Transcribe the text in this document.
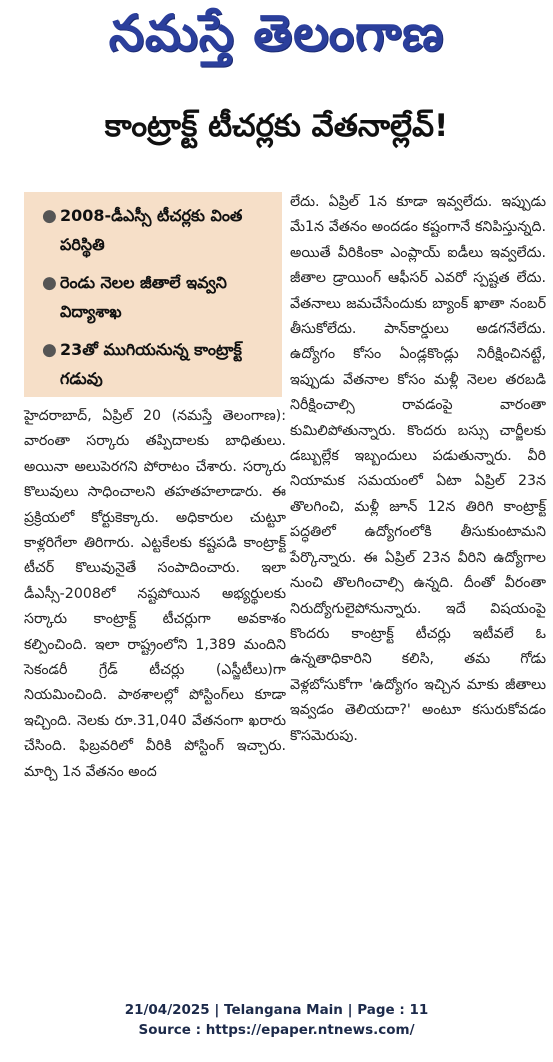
నమస్తే తెలంగాణ
కాంట్రాక్ట్ టీచర్లకు వేతనాల్లేవ్!
● 2008-డీఎస్సీ టీచర్లకు వింత పరిస్థితి
● రెండు నెలల జీతాలే ఇవ్వని విద్యాశాఖ
● 23తో ముగియనున్న కాంట్రాక్ట్ గడువు

హైదరాబాద్, ఏప్రిల్ 20 (నమస్తే తెలంగాణ): వారంతా సర్కారు తప్పిదాలకు బాధితులు. అయినా అలుపెరగని పోరాటం చేశారు. సర్కారు కొలువులు సాధించాలని తహతహలాడారు. ఈ ప్రక్రియలో కోర్టుకెక్కారు. అధికారుల చుట్టూ కాళ్లరిగేలా తిరిగారు. ఎట్టకేలకు కష్టపడి కాంట్రాక్ట్ టీచర్ కొలువునైతే సంపాదించారు. ఇలా డీఎస్సీ-2008లో నష్టపోయిన అభ్యర్థులకు సర్కారు కాంట్రాక్ట్ టీచర్లుగా అవకాశం కల్పించింది. ఇలా రాష్ట్రంలోని 1,389 మందిని సెకండరీ గ్రేడ్ టీచర్లు (ఎస్జీటీలు)గా నియమించింది. పాఠశాలల్లో పోస్టింగ్‌లు కూడా ఇచ్చింది. నెలకు రూ.31,040 వేతనంగా ఖరారు చేసింది. ఫిబ్రవరిలో వీరికి పోస్టింగ్ ఇచ్చారు. మార్చి 1న వేతనం అంద

లేదు. ఏప్రిల్ 1న కూడా ఇవ్వలేదు. ఇప్పుడు మే1న వేతనం అందడం కష్టంగానే కనిపిస్తున్నది. అయితే వీరికింకా ఎంప్లాయ్ ఐడీలు ఇవ్వలేదు. జీతాల డ్రాయింగ్ ఆఫీసర్ ఎవరో స్పష్టత లేదు. వేతనాలు జమచేసేందుకు బ్యాంక్ ఖాతా నంబర్ తీసుకోలేదు. పాన్‌కార్డులు అడగనేలేదు. ఉద్యోగం కోసం ఏండ్లకొండ్లు నిరీక్షించినట్టే, ఇప్పుడు వేతనాల కోసం మళ్లీ నెలల తరబడి నిరీక్షించాల్సి రావడంపై వారంతా కుమిలిపోతున్నారు. కొందరు బస్సు చార్జీలకు డబ్బుల్లేక ఇబ్బందులు పడుతున్నారు. వీరి నియామక సమయంలో ఏటా ఏప్రిల్ 23న తొలగించి, మళ్లీ జూన్ 12న తిరిగి కాంట్రాక్ట్ పద్ధతిలో ఉద్యోగంలోకి తీసుకుంటామని పేర్కొన్నారు. ఈ ఏప్రిల్ 23న వీరిని ఉద్యోగాల నుంచి తొలగించాల్సి ఉన్నది. దీంతో వీరంతా నిరుద్యోగులైపోనున్నారు. ఇదే విషయంపై కొందరు కాంట్రాక్ట్ టీచర్లు ఇటీవలే ఓ ఉన్నతాధికారిని కలిసి, తమ గోడు వెళ్లబోసుకోగా 'ఉద్యోగం ఇచ్చిన మాకు జీతాలు ఇవ్వడం తెలియదా?' అంటూ కసురుకోవడం కొసమెరుపు.

21/04/2025 | Telangana Main | Page : 11
Source : https://epaper.ntnews.com/
